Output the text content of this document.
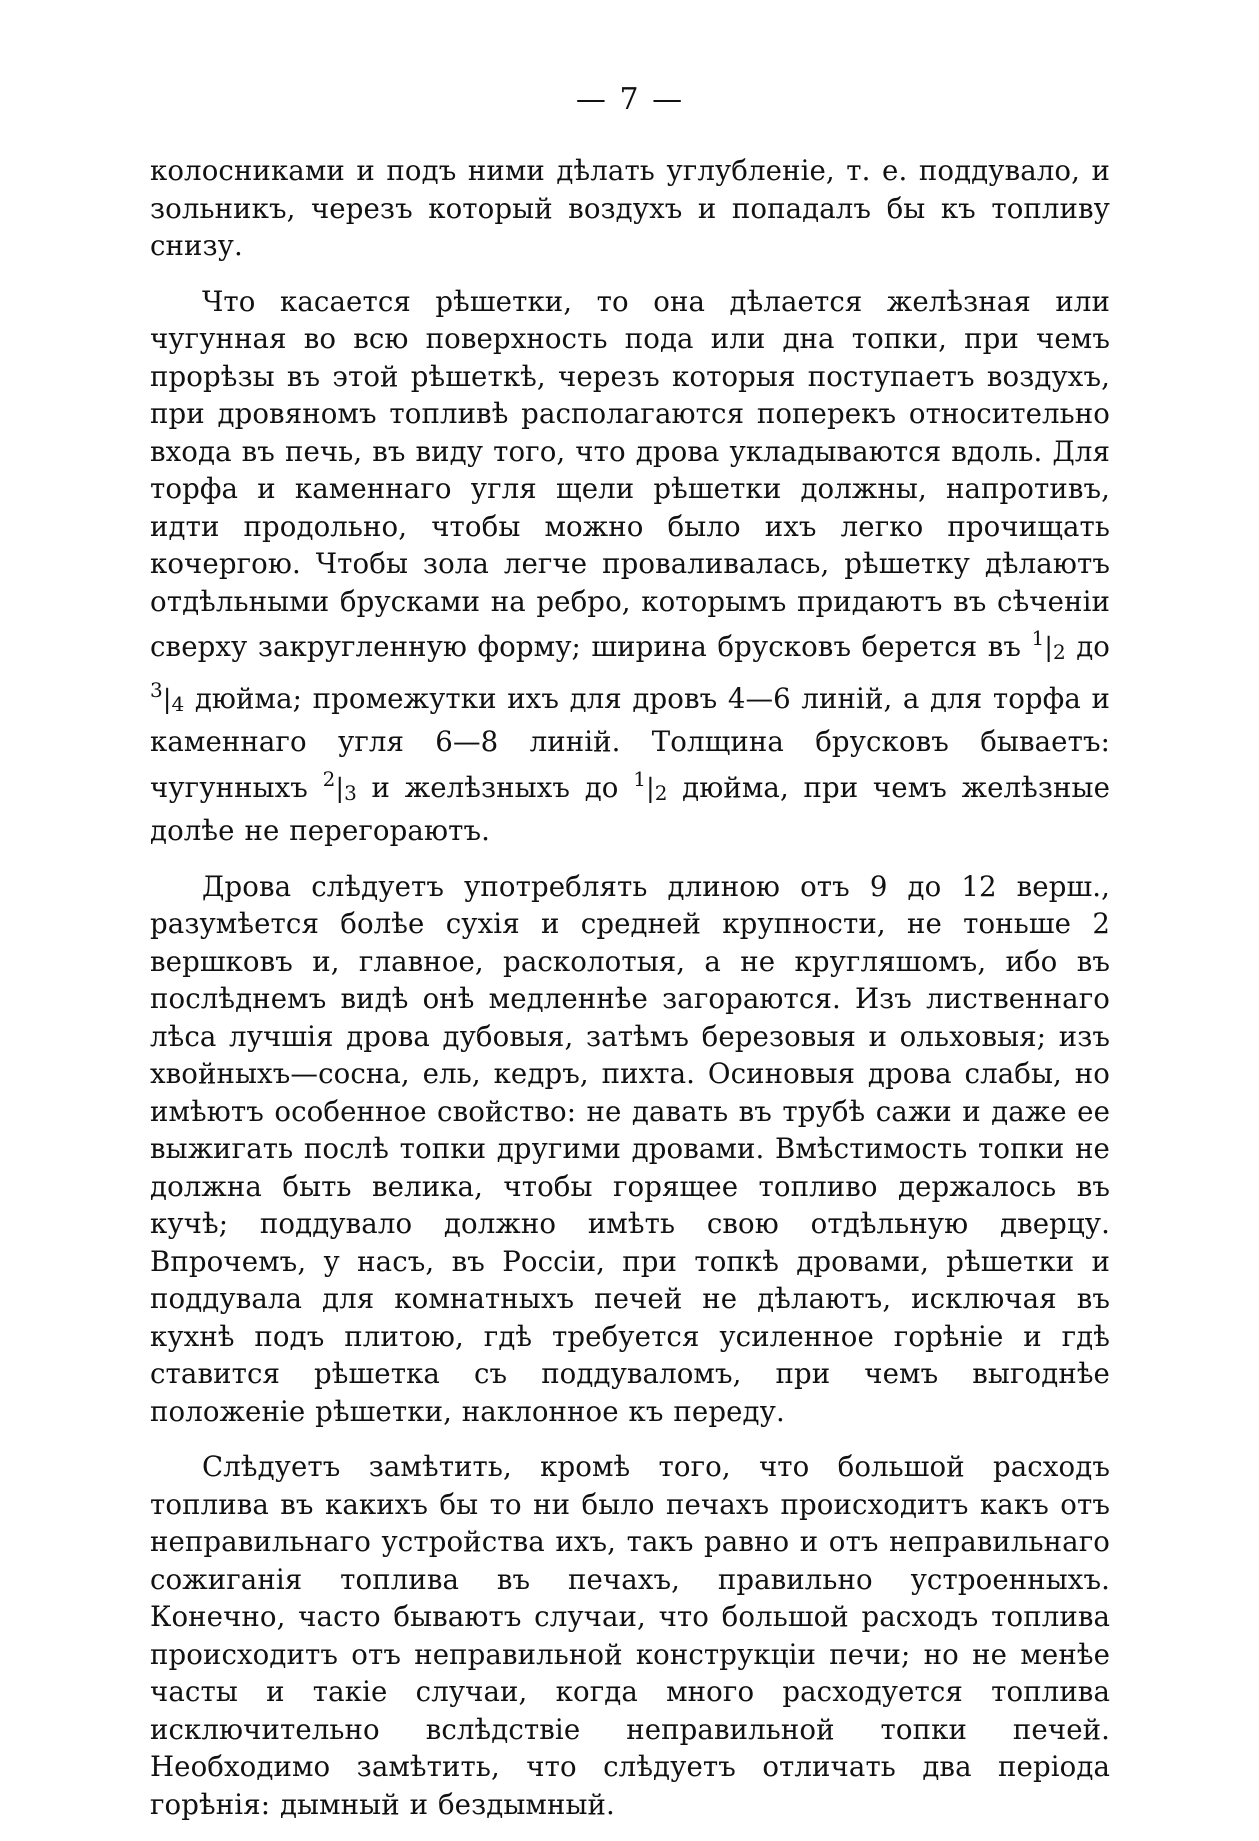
— 7 —

колосниками и подъ ними дѣлать углубленіе, т. е. поддувало, и зольникъ, черезъ который воздухъ и попадалъ бы къ топливу снизу.

Что касается рѣшетки, то она дѣлается желѣзная или чугунная во всю поверхность пода или дна топки, при чемъ прорѣзы въ этой рѣшеткѣ, черезъ которыя поступаетъ воздухъ, при дровяномъ топливѣ располагаются поперекъ относительно входа въ печь, въ виду того, что дрова укладываются вдоль. Для торфа и каменнаго угля щели рѣшетки должны, напротивъ, идти продольно, чтобы можно было ихъ легко прочищать кочергою. Чтобы зола легче проваливалась, рѣшетку дѣлаютъ отдѣльными брусками на ребро, которымъ придаютъ въ сѣченіи сверху закругленную форму; ширина брусковъ берется въ 1|2 до 3|4 дюйма; промежутки ихъ для дровъ 4—6 линій, а для торфа и каменнаго угля 6—8 линій. Толщина брусковъ бываетъ: чугунныхъ 2|3 и желѣзныхъ до 1|2 дюйма, при чемъ желѣзные долѣе не перегораютъ.

Дрова слѣдуетъ употреблять длиною отъ 9 до 12 верш., разумѣется болѣе сухія и средней крупности, не тоньше 2 вершковъ и, главное, расколотыя, а не кругляшомъ, ибо въ послѣднемъ видѣ онѣ медленнѣе загораются. Изъ лиственнаго лѣса лучшія дрова дубовыя, затѣмъ березовыя и ольховыя; изъ хвойныхъ—сосна, ель, кедръ, пихта. Осиновыя дрова слабы, но имѣютъ особенное свойство: не давать въ трубѣ сажи и даже ее выжигать послѣ топки другими дровами. Вмѣстимость топки не должна быть велика, чтобы горящее топливо держалось въ кучѣ; поддувало должно имѣть свою отдѣльную дверцу. Впрочемъ, у насъ, въ Россіи, при топкѣ дровами, рѣшетки и поддувала для комнатныхъ печей не дѣлаютъ, исключая въ кухнѣ подъ плитою, гдѣ требуется усиленное горѣніе и гдѣ ставится рѣшетка съ поддуваломъ, при чемъ выгоднѣе положеніе рѣшетки, наклонное къ переду.

Слѣдуетъ замѣтить, кромѣ того, что большой расходъ топлива въ какихъ бы то ни было печахъ происходитъ какъ отъ неправильнаго устройства ихъ, такъ равно и отъ неправильнаго сожиганія топлива въ печахъ, правильно устроенныхъ. Конечно, часто бываютъ случаи, что большой расходъ топлива происходитъ отъ неправильной конструкціи печи; но не менѣе часты и такіе случаи, когда много расходуется топлива исключительно вслѣдствіе неправильной топки печей. Необходимо замѣтить, что слѣдуетъ отличать два періода горѣнія: дымный и бездымный.
